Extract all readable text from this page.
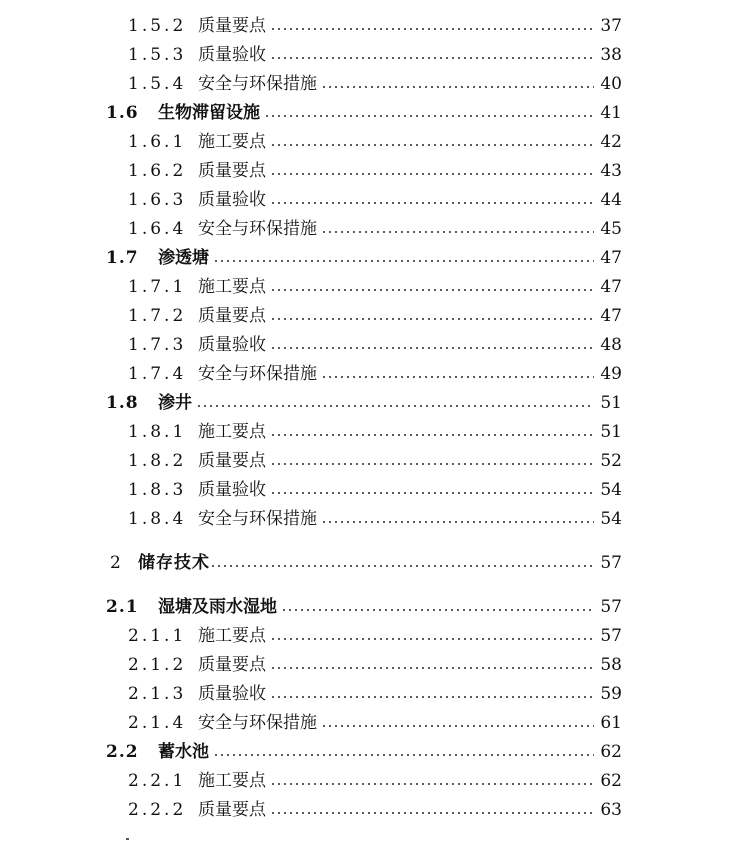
1.5.2 质量要点	37
1.5.3 质量验收	38
1.5.4 安全与环保措施	40
1.6 生物滞留设施	41
1.6.1 施工要点	42
1.6.2 质量要点	43
1.6.3 质量验收	44
1.6.4 安全与环保措施	45
1.7 渗透塘	47
1.7.1 施工要点	47
1.7.2 质量要点	47
1.7.3 质量验收	48
1.7.4 安全与环保措施	49
1.8 渗井	51
1.8.1 施工要点	51
1.8.2 质量要点	52
1.8.3 质量验收	54
1.8.4 安全与环保措施	54
2 储存技术	57
2.1 湿塘及雨水湿地	57
2.1.1 施工要点	57
2.1.2 质量要点	58
2.1.3 质量验收	59
2.1.4 安全与环保措施	61
2.2 蓄水池	62
2.2.1 施工要点	62
2.2.2 质量要点	63
